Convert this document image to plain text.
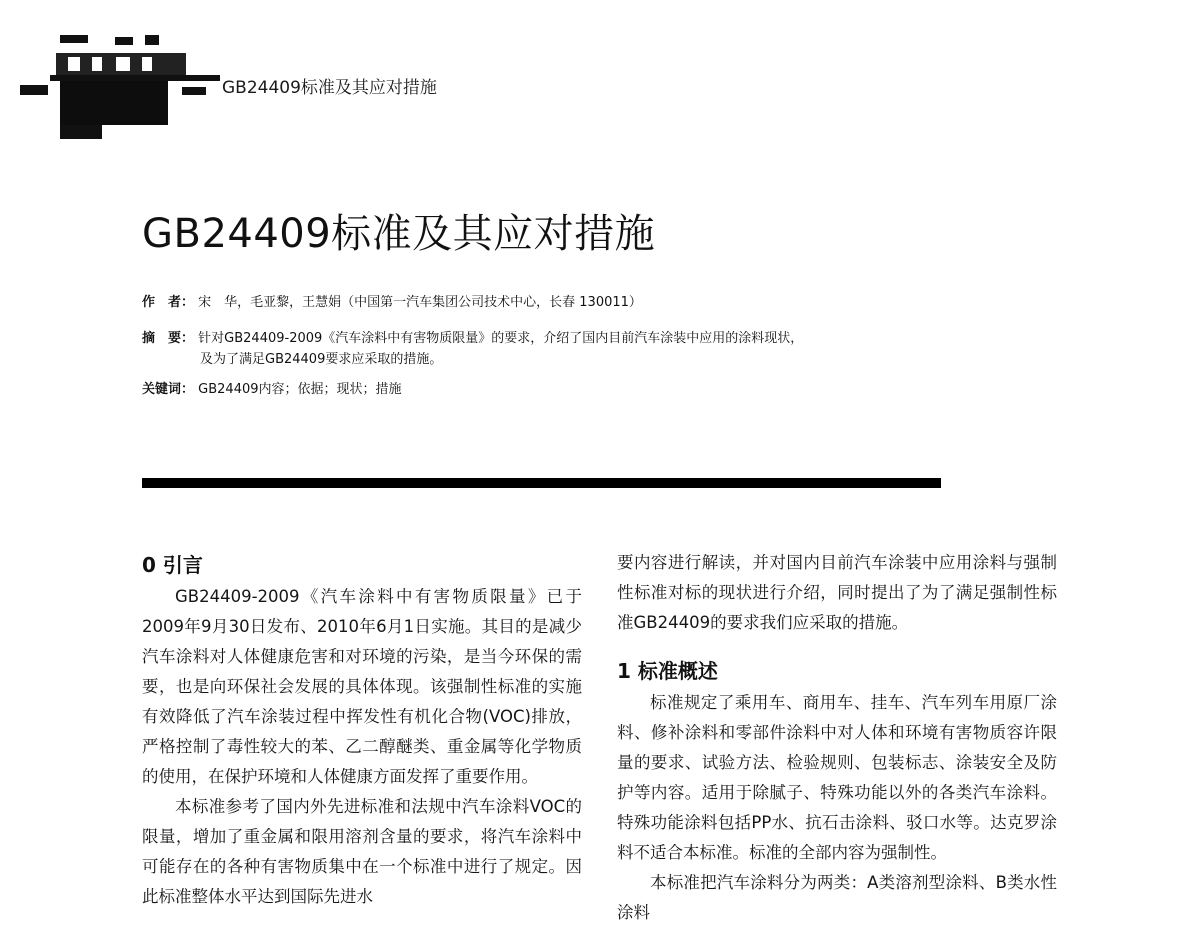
GB24409标准及其应对措施
GB24409标准及其应对措施
作　者： 宋　华，毛亚黎，王慧娟（中国第一汽车集团公司技术中心，长春 130011）
摘　要： 针对GB24409-2009《汽车涂料中有害物质限量》的要求，介绍了国内目前汽车涂装中应用的涂料现状，
及为了满足GB24409要求应采取的措施。
关键词： GB24409内容；依据；现状；措施
0 引言

GB24409-2009《汽车涂料中有害物质限量》已于2009年9月30日发布、2010年6月1日实施。其目的是减少汽车涂料对人体健康危害和对环境的污染，是当今环保的需要，也是向环保社会发展的具体体现。该强制性标准的实施有效降低了汽车涂装过程中挥发性有机化合物(VOC)排放，严格控制了毒性较大的苯、乙二醇醚类、重金属等化学物质的使用，在保护环境和人体健康方面发挥了重要作用。

本标准参考了国内外先进标准和法规中汽车涂料VOC的限量，增加了重金属和限用溶剂含量的要求，将汽车涂料中可能存在的各种有害物质集中在一个标准中进行了规定。因此标准整体水平达到国际先进水

要内容进行解读，并对国内目前汽车涂装中应用涂料与强制性标准对标的现状进行介绍，同时提出了为了满足强制性标准GB24409的要求我们应采取的措施。

1 标准概述

标准规定了乘用车、商用车、挂车、汽车列车用原厂涂料、修补涂料和零部件涂料中对人体和环境有害物质容许限量的要求、试验方法、检验规则、包装标志、涂装安全及防护等内容。适用于除腻子、特殊功能以外的各类汽车涂料。特殊功能涂料包括PP水、抗石击涂料、驳口水等。达克罗涂料不适合本标准。标准的全部内容为强制性。

本标准把汽车涂料分为两类：A类溶剂型涂料、B类水性涂料
